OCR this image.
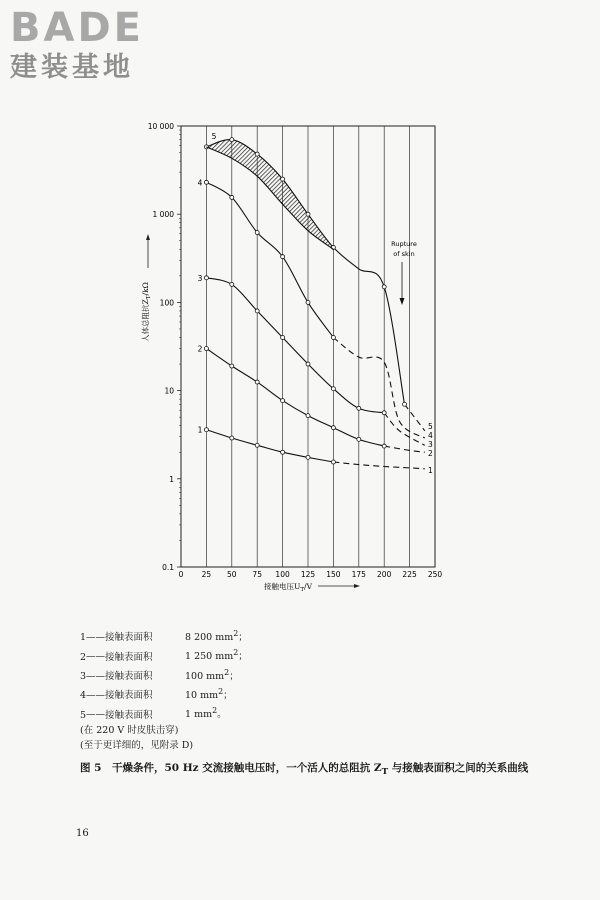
BADE
建装基地
0 25 50 75 100 125 150 175 200 225 250
0.1
1
10
100
1 000
10 000
接触电压$U_T/V$
人体总阻抗$Z_T/k\Omega$
1
2
3
4
5
1
2
3
4
5
Rupture
of skin
1——接触表面积	8 200 $mm^2$；
2——接触表面积	1 250 $mm^2$；
3——接触表面积	100 $mm^2$；
4——接触表面积	10 $mm^2$；
5——接触表面积	1 $mm^2$。
(在 220 V 时皮肤击穿)
(至于更详细的，见附录 D)
图 5　干燥条件，50 Hz 交流接触电压时，一个活人的总阻抗 $Z_T$ 与接触表面积之间的关系曲线
16
